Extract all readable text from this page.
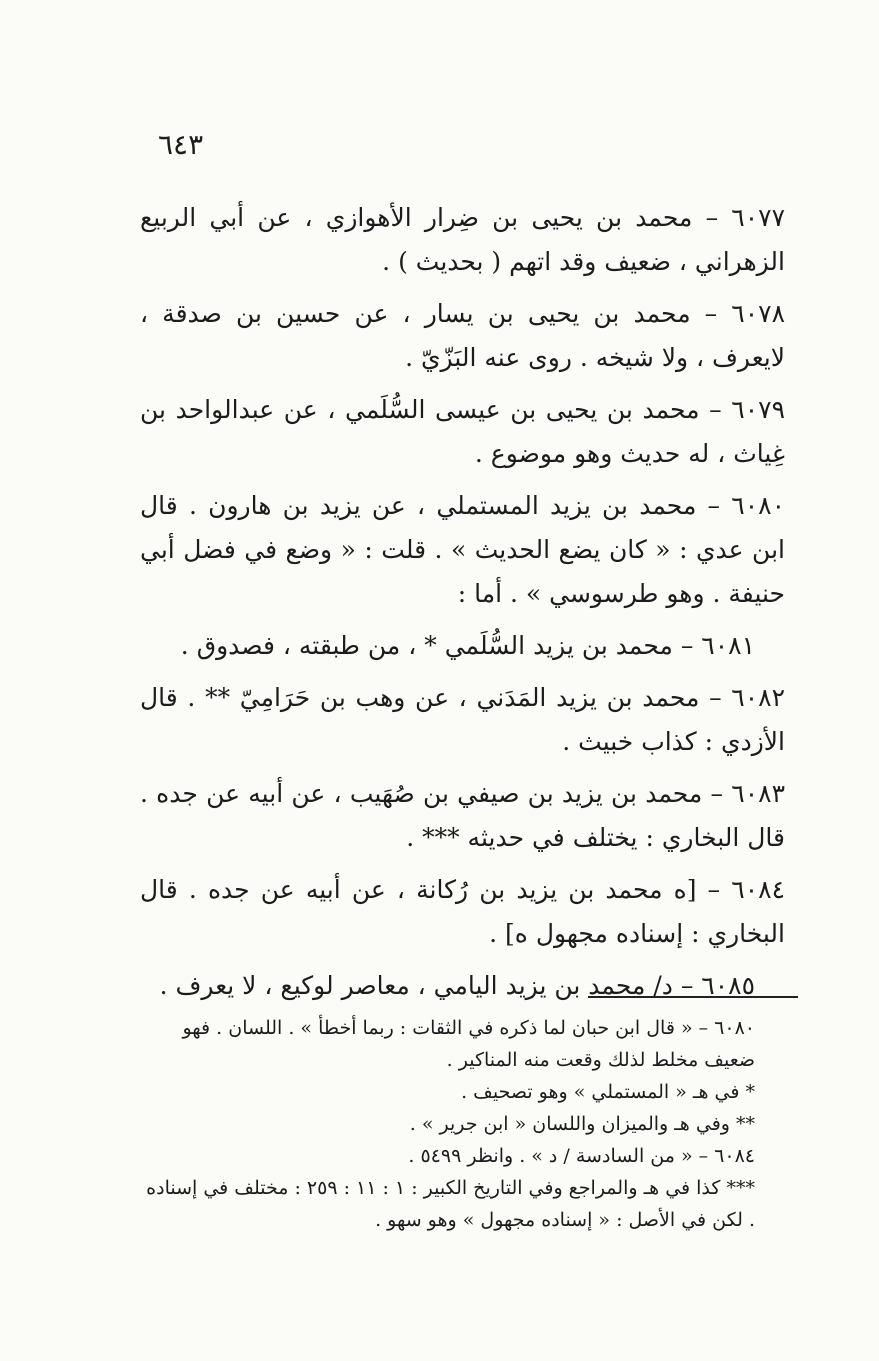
٦٤٣

٦٠٧٧ – محمد بن يحيى بن ضِرار الأهوازي ، عن أبي الربيع الزهراني ، ضعيف وقد اتهم ( بحديث ) .

٦٠٧٨ – محمد بن يحيى بن يسار ، عن حسين بن صدقة ، لايعرف ، ولا شيخه . روى عنه البَزّيّ .

٦٠٧٩ – محمد بن يحيى بن عيسى السُّلَمي ، عن عبدالواحد بن غِياث ، له حديث وهو موضوع .

٦٠٨٠ – محمد بن يزيد المستملي ، عن يزيد بن هارون . قال ابن عدي : « كان يضع الحديث » . قلت : « وضع في فضل أبي حنيفة . وهو طرسوسي » . أما :

٦٠٨١ – محمد بن يزيد السُّلَمي * ، من طبقته ، فصدوق .

٦٠٨٢ – محمد بن يزيد المَدَني ، عن وهب بن حَرَامِيّ ** . قال الأزدي : كذاب خبيث .

٦٠٨٣ – محمد بن يزيد بن صيفي بن صُهَيب ، عن أبيه عن جده . قال البخاري : يختلف في حديثه *** .

٦٠٨٤ – [ه محمد بن يزيد بن رُكانة ، عن أبيه عن جده . قال البخاري : إسناده مجهول ه] .

٦٠٨٥ – د/ محمد بن يزيد اليامي ، معاصر لوكيع ، لا يعرف .

٦٠٨٠ – « قال ابن حبان لما ذكره في الثقات : ربما أخطأ » . اللسان . فهو ضعيف مخلط لذلك وقعت منه المناكير .

* في هـ « المستملي » وهو تصحيف .

** وفي هـ والميزان واللسان « ابن جرير » .

٦٠٨٤ – « من السادسة / د » . وانظر ٥٤٩٩ .

*** كذا في هـ والمراجع وفي التاريخ الكبير : ١ : ١١ : ٢٥٩ : مختلف في إسناده . لكن في الأصل : « إسناده مجهول » وهو سهو .
